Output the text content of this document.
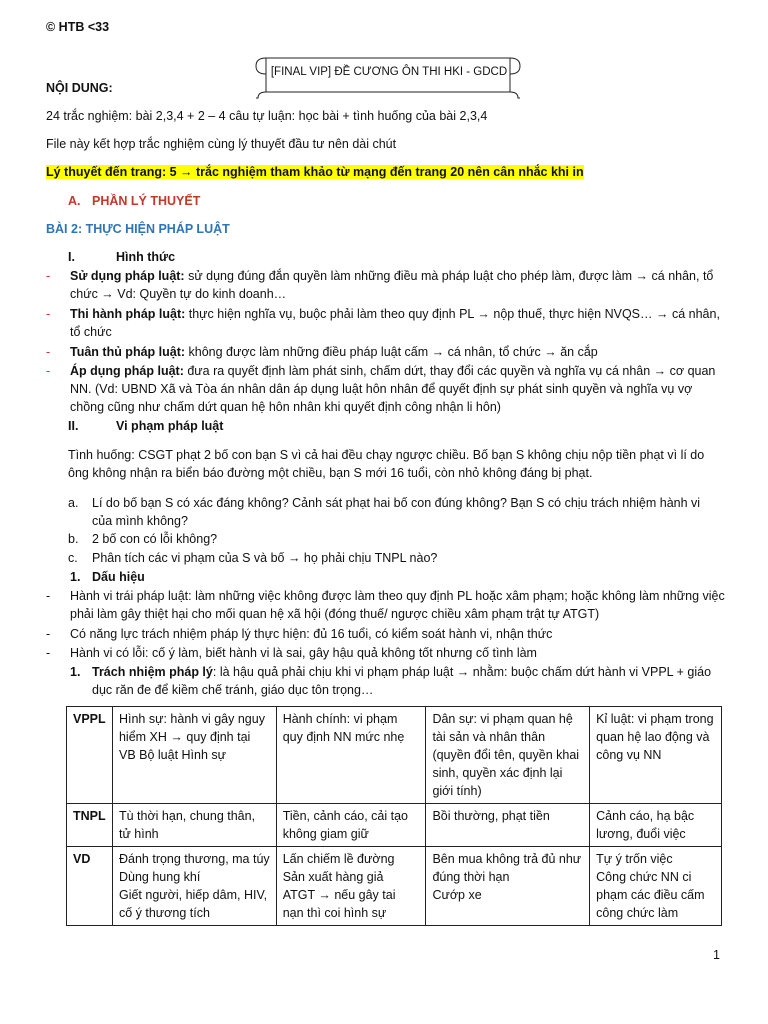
© HTB <33
[FINAL VIP] ĐỀ CƯƠNG ÔN THI HKI - GDCD
NỘI DUNG:
24 trắc nghiệm: bài 2,3,4 + 2 – 4 câu tự luận: học bài + tình huống của bài 2,3,4
File này kết hợp trắc nghiệm cùng lý thuyết đầu tư nên dài chút
Lý thuyết đến trang: 5 → trắc nghiệm tham khảo từ mạng đến trang 20 nên cân nhắc khi in
A. PHẦN LÝ THUYẾT
BÀI 2: THỰC HIỆN PHÁP LUẬT
I.	Hình thức
- Sử dụng pháp luật: sử dụng đúng đắn quyền làm những điều mà pháp luật cho phép làm, được làm → cá nhân, tổ chức → Vd: Quyền tự do kinh doanh…
- Thi hành pháp luật: thực hiện nghĩa vụ, buộc phải làm theo quy định PL → nộp thuế, thực hiện NVQS… → cá nhân, tổ chức
- Tuân thủ pháp luật: không được làm những điều pháp luật cấm → cá nhân, tổ chức → ăn cắp
- Áp dụng pháp luật: đưa ra quyết định làm phát sinh, chấm dứt, thay đổi các quyền và nghĩa vụ cá nhân → cơ quan NN. (Vd: UBND Xã và Tòa án nhân dân áp dụng luật hôn nhân để quyết định sự phát sinh quyền và nghĩa vụ vợ chồng cũng như chấm dứt quan hệ hôn nhân khi quyết định công nhận li hôn)
II.	Vi phạm pháp luật
Tình huống: CSGT phạt 2 bố con bạn S vì cả hai đều chạy ngược chiều. Bố bạn S không chịu nộp tiền phạt vì lí do ông không nhận ra biển báo đường một chiều, bạn S mới 16 tuổi, còn nhỏ không đáng bị phạt.
a. Lí do bố bạn S có xác đáng không? Cảnh sát phạt hai bố con đúng không? Bạn S có chịu trách nhiệm hành vi của mình không?
b. 2 bố con có lỗi không?
c. Phân tích các vi phạm của S và bố → họ phải chịu TNPL nào?
1. Dấu hiệu
- Hành vi trái pháp luật: làm những việc không được làm theo quy định PL hoặc xâm phạm; hoặc không làm những việc phải làm gây thiệt hại cho mối quan hệ xã hội (đóng thuế/ ngược chiều xâm phạm trật tự ATGT)
- Có năng lực trách nhiệm pháp lý thực hiện: đủ 16 tuổi, có kiểm soát hành vi, nhận thức
- Hành vi có lỗi: cố ý làm, biết hành vi là sai, gây hậu quả không tốt nhưng cố tình làm
1. Trách nhiệm pháp lý: là hậu quả phải chịu khi vi phạm pháp luật → nhằm: buộc chấm dứt hành vi VPPL + giáo dục răn đe để kiềm chế tránh, giáo dục tôn trọng…
VPPL	Hình sự: hành vi gây nguy hiểm XH → quy định tại VB Bộ luật Hình sự	Hành chính: vi phạm quy định NN mức nhẹ	Dân sự: vi phạm quan hệ tài sản và nhân thân (quyền đổi tên, quyền khai sinh, quyền xác định lại giới tính)	Kỉ luật: vi phạm trong quan hệ lao động và công vụ NN
TNPL	Tù thời hạn, chung thân, tử hình	Tiền, cảnh cáo, cải tạo không giam giữ	Bồi thường, phạt tiền	Cảnh cáo, hạ bậc lương, đuổi việc
VD	Đánh trọng thương, ma túy
Dùng hung khí
Giết người, hiếp dâm, HIV, cố ý thương tích	Lấn chiếm lề đường
Sản xuất hàng giả
ATGT → nếu gây tai nạn thì coi hình sự	Bên mua không trả đủ như đúng thời hạn
Cướp xe	Tự ý trốn việc
Công chức NN ci phạm các điều cấm công chức làm
1
